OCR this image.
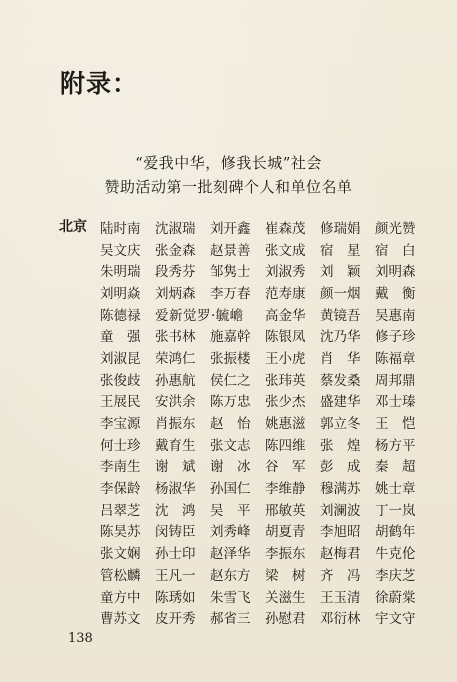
附录：
“爱我中华，修我长城”社会
赞助活动第一批刻碑个人和单位名单
北京 陆时南	沈淑瑞	刘开鑫	崔森茂	修瑞娟	颜光赞
吴文庆	张金森	赵景善	张文成	宿　星	宿　白
朱明瑞	段秀芬	邹隽士	刘淑秀	刘　颖	刘明森
刘明焱	刘炳森	李万春	范寿康	颜一烟	戴　衡
陈德禄	爱新觉罗·毓嶦	高金华	黄镜吾	吴惠南
童　强	张书林	施嘉幹	陈银凤	沈乃华	修子珍
刘淑昆	荣鸿仁	张振楼	王小虎	肖　华	陈福章
张俊歧	孙惠航	侯仁之	张玮英	蔡发桑	周邦鼎
王展民	安洪余	陈万忠	张少杰	盛建华	邓士瑧
李宝源	肖振东	赵　怡	姚惠滋	郭立冬	王　恺
何士珍	戴育生	张文志	陈四维	张　煌	杨方平
李南生	谢　斌	谢　冰	谷　军	彭　成	秦　超
李保龄	杨淑华	孙国仁	李维静	穆满苏	姚士章
吕翠芝	沈　鸿	吴　平	邢敏英	刘澜波	丁一岚
陈昊苏	闵铸臣	刘秀峰	胡夏青	李旭昭	胡鹤年
张文娴	孙士印	赵泽华	李振东	赵梅君	牛克伦
管松麟	王凡一	赵东方	梁　树	齐　冯	李庆芝
童方中	陈琇如	朱雪飞	关滋生	王玉清	徐蔚棠
曹苏文	皮开秀	郝省三	孙慰君	邓衍林	宇文守
138
